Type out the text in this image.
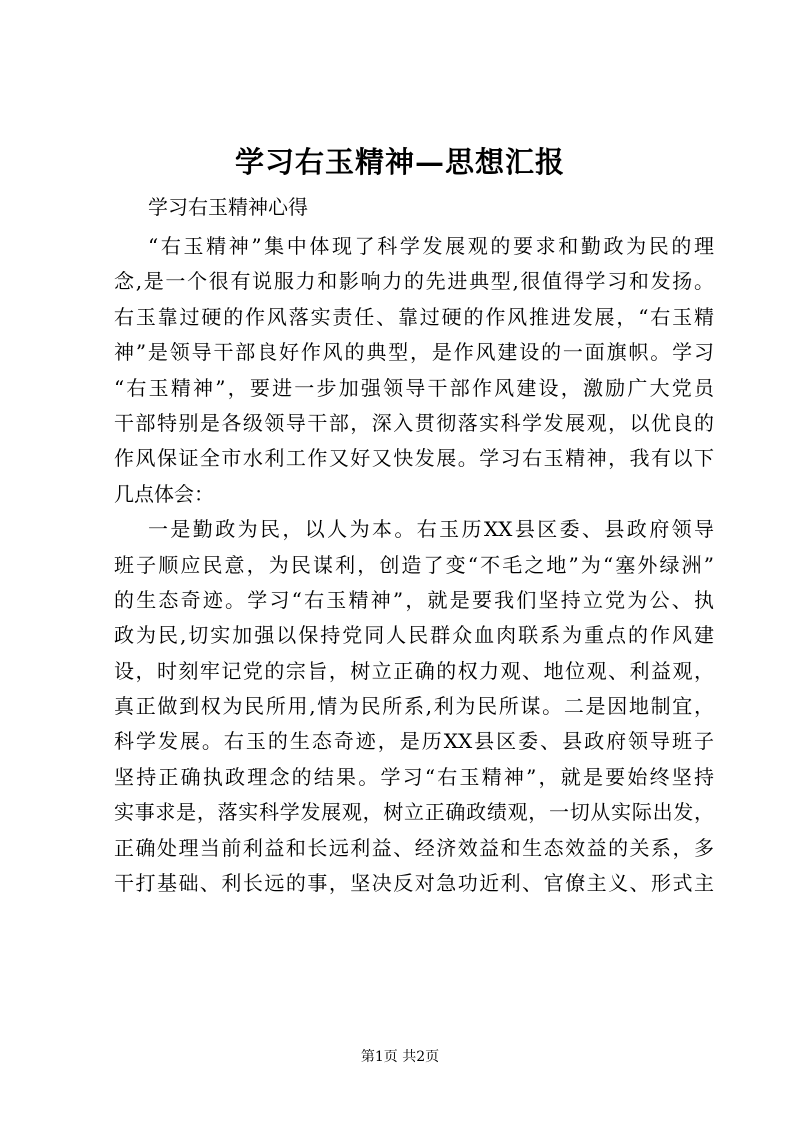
学习右玉精神—思想汇报
学习右玉精神心得
“右玉精神”集中体现了科学发展观的要求和勤政为民的理
念,是一个很有说服力和影响力的先进典型,很值得学习和发扬。
右玉靠过硬的作风落实责任、靠过硬的作风推进发展，“右玉精
神”是领导干部良好作风的典型，是作风建设的一面旗帜。学习
“右玉精神”，要进一步加强领导干部作风建设，激励广大党员
干部特别是各级领导干部，深入贯彻落实科学发展观，以优良的
作风保证全市水利工作又好又快发展。学习右玉精神，我有以下
几点体会：
一是勤政为民，以人为本。右玉历XX县区委、县政府领导
班子顺应民意，为民谋利，创造了变“不毛之地”为“塞外绿洲”
的生态奇迹。学习“右玉精神”，就是要我们坚持立党为公、执
政为民,切实加强以保持党同人民群众血肉联系为重点的作风建
设，时刻牢记党的宗旨，树立正确的权力观、地位观、利益观，
真正做到权为民所用,情为民所系,利为民所谋。二是因地制宜，
科学发展。右玉的生态奇迹，是历XX县区委、县政府领导班子
坚持正确执政理念的结果。学习“右玉精神”，就是要始终坚持
实事求是，落实科学发展观，树立正确政绩观，一切从实际出发，
正确处理当前利益和长远利益、经济效益和生态效益的关系，多
干打基础、利长远的事，坚决反对急功近利、官僚主义、形式主
第1页 共2页
